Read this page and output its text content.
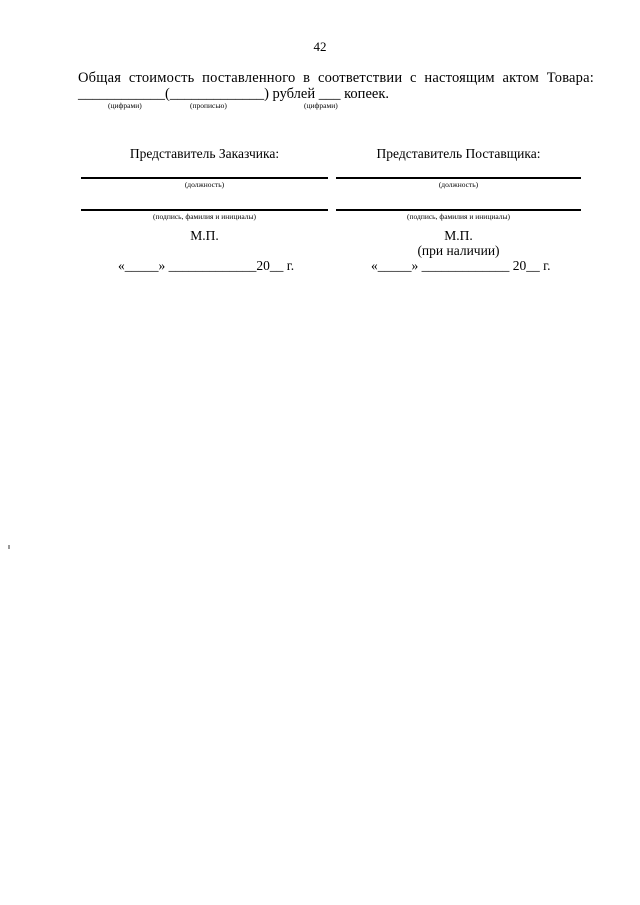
42
Общая стоимость поставленного в соответствии с настоящим актом Товара:
____________(_____________) рублей ___ копеек.
(цифрами)	(прописью)	(цифрами)
Представитель Заказчика:
(должность)
(подпись, фамилия и инициалы)
М.П.
«_____» _____________20__ г.
Представитель Поставщика:
(должность)
(подпись, фамилия и инициалы)
М.П.
(при наличии)
«_____» _____________ 20__ г.
